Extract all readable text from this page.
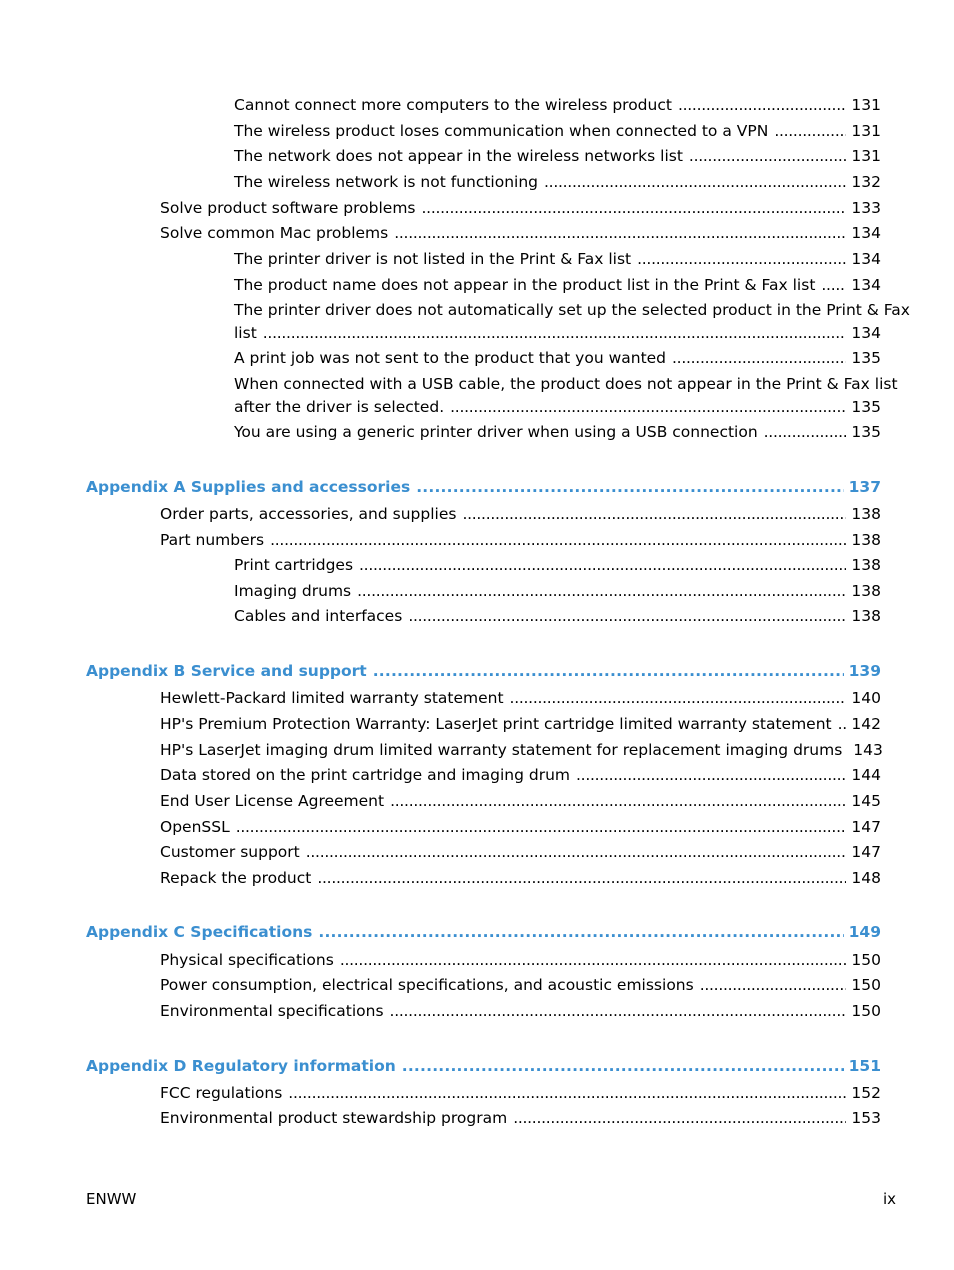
Cannot connect more computers to the wireless product . . .	131
The wireless product loses communication when connected to a VPN . . .	131
The network does not appear in the wireless networks list . . .	131
The wireless network is not functioning . . .	132
Solve product software problems . . .	133
Solve common Mac problems . . .	134
The printer driver is not listed in the Print & Fax list . . .	134
The product name does not appear in the product list in the Print & Fax list . . . 134
The printer driver does not automatically set up the selected product in the Print & Fax
list . . .	134
A print job was not sent to the product that you wanted . . .	135
When connected with a USB cable, the product does not appear in the Print & Fax list
after the driver is selected. . . .	135
You are using a generic printer driver when using a USB connection . . .	135
Appendix A Supplies and accessories . . .	137
Order parts, accessories, and supplies . . .	138
Part numbers . . .	138
Print cartridges . . .	138
Imaging drums . . .	138
Cables and interfaces . . .	138
Appendix B Service and support . . .	139
Hewlett-Packard limited warranty statement . . .	140
HP's Premium Protection Warranty: LaserJet print cartridge limited warranty statement . . . 142
HP's LaserJet imaging drum limited warranty statement for replacement imaging drums 143
Data stored on the print cartridge and imaging drum . . .	144
End User License Agreement . . .	145
OpenSSL . . .	147
Customer support . . .	147
Repack the product . . .	148
Appendix C Specifications . . .	149
Physical specifications . . .	150
Power consumption, electrical specifications, and acoustic emissions . . .	150
Environmental specifications . . .	150
Appendix D Regulatory information . . .	151
FCC regulations . . .	152
Environmental product stewardship program . . .	153
ENWW	ix
